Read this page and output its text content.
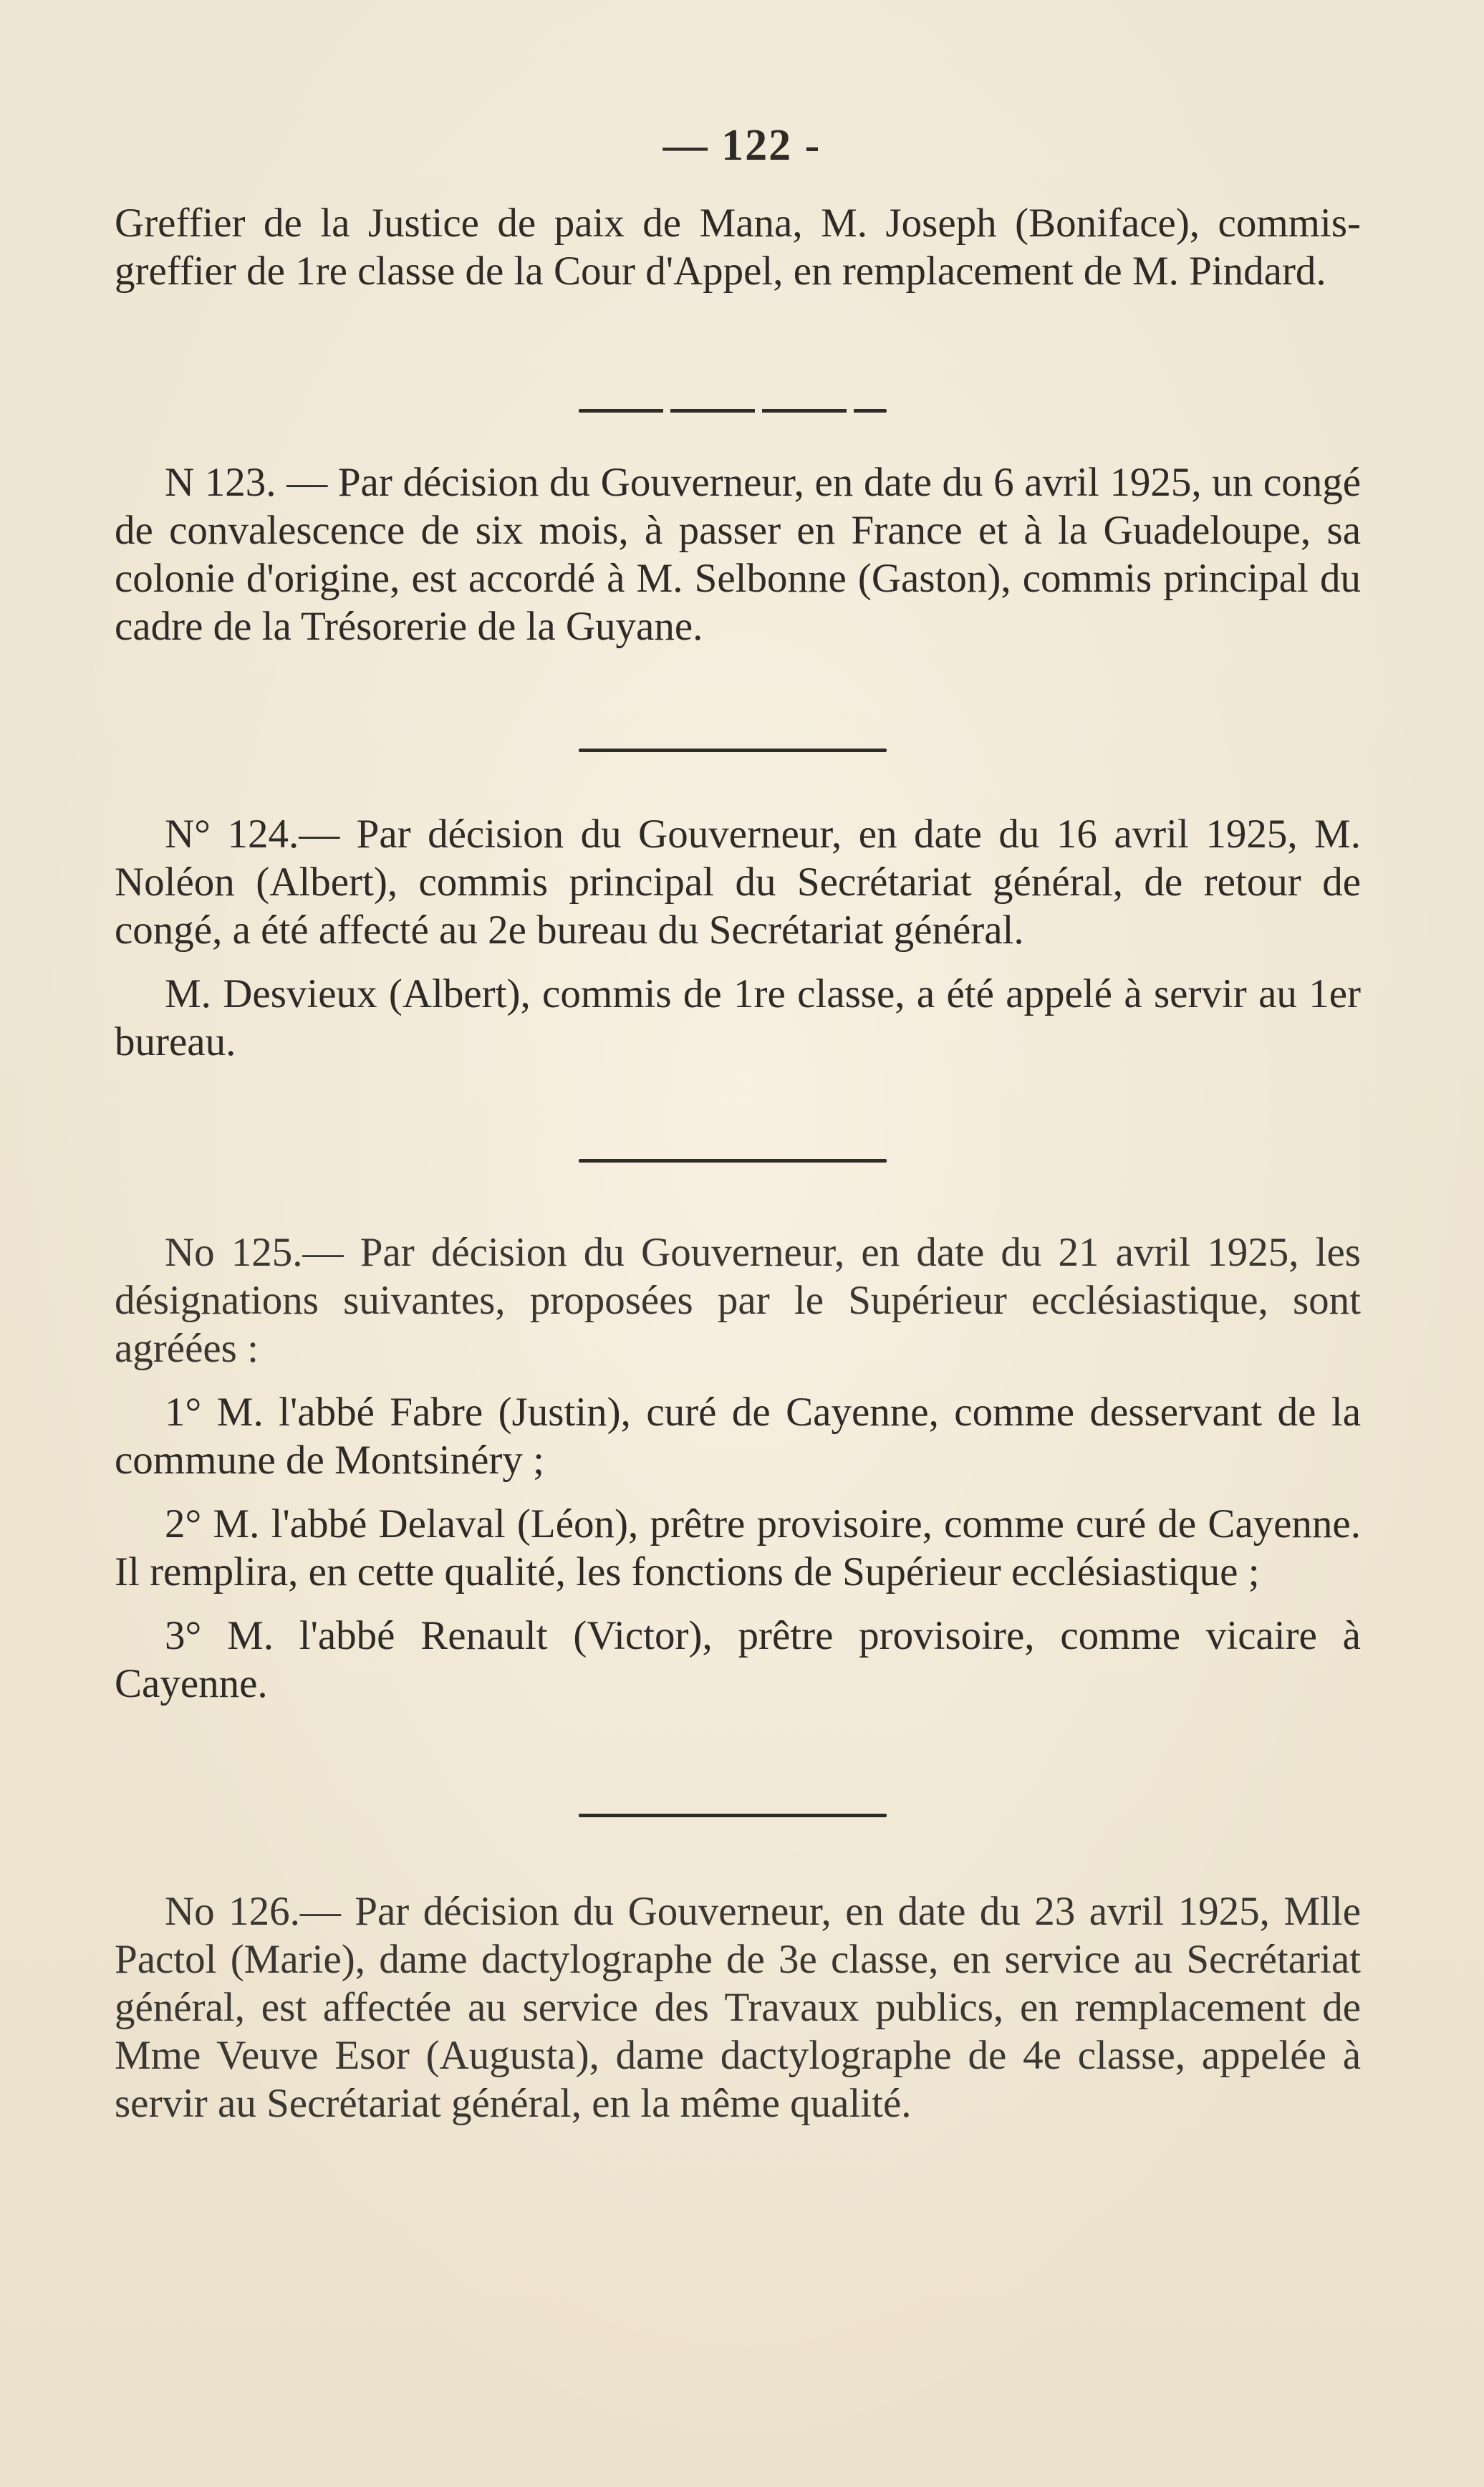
— 122 -

Greffier de la Justice de paix de Mana, M. Joseph (Boniface), commis-greffier de 1re classe de la Cour d'Appel, en remplacement de M. Pindard.

N 123. — Par décision du Gouverneur, en date du 6 avril 1925, un congé de convalescence de six mois, à passer en France et à la Guadeloupe, sa colonie d'origine, est accordé à M. Selbonne (Gaston), commis principal du cadre de la Trésorerie de la Guyane.

N° 124.— Par décision du Gouverneur, en date du 16 avril 1925, M. Noléon (Albert), commis principal du Secrétariat général, de retour de congé, a été affecté au 2e bureau du Secrétariat général.

M. Desvieux (Albert), commis de 1re classe, a été appelé à servir au 1er bureau.

No 125.— Par décision du Gouverneur, en date du 21 avril 1925, les désignations suivantes, proposées par le Supérieur ecclésiastique, sont agréées :

1° M. l'abbé Fabre (Justin), curé de Cayenne, comme desservant de la commune de Montsinéry ;

2° M. l'abbé Delaval (Léon), prêtre provisoire, comme curé de Cayenne. Il remplira, en cette qualité, les fonctions de Supérieur ecclésiastique ;

3° M. l'abbé Renault (Victor), prêtre provisoire, comme vicaire à Cayenne.

No 126.— Par décision du Gouverneur, en date du 23 avril 1925, Mlle Pactol (Marie), dame dactylographe de 3e classe, en service au Secrétariat général, est affectée au service des Travaux publics, en remplacement de Mme Veuve Esor (Augusta), dame dactylographe de 4e classe, appelée à servir au Secrétariat général, en la même qualité.
